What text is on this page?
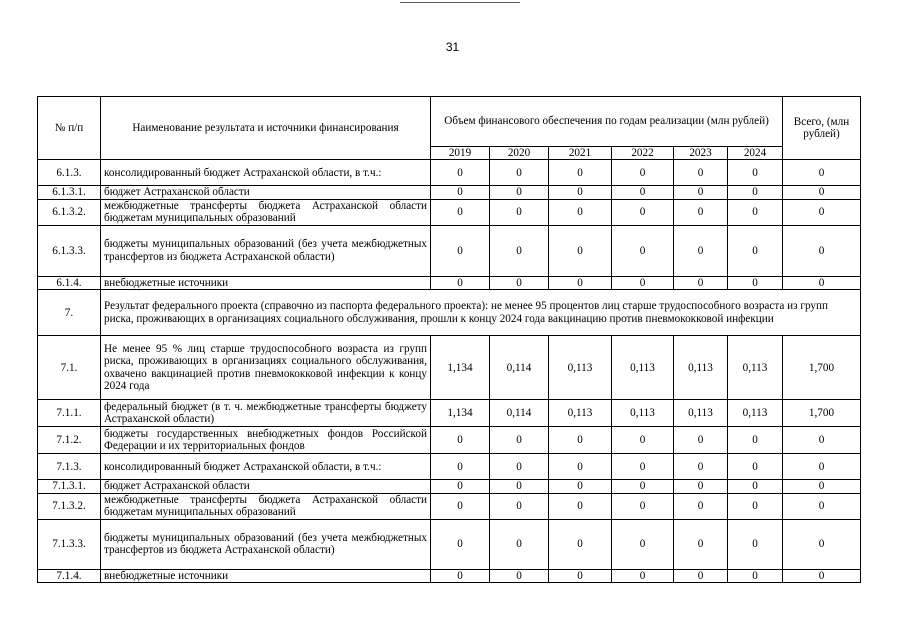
31
№ п/п	Наименование результата и источники финансирования	Объем финансового обеспечения по годам реализации (млн рублей)						Всего, (млн рублей)
		2019	2020	2021	2022	2023	2024	
6.1.3.	консолидированный бюджет Астраханской области, в т.ч.:	0	0	0	0	0	0	0
6.1.3.1.	бюджет Астраханской области	0	0	0	0	0	0	0
6.1.3.2.	межбюджетные трансферты бюджета Астраханской области бюджетам муниципальных образований	0	0	0	0	0	0	0
6.1.3.3.	бюджеты муниципальных образований (без учета межбюджетных трансфертов из бюджета Астраханской области)	0	0	0	0	0	0	0
6.1.4.	внебюджетные источники	0	0	0	0	0	0	0
7.	Результат федерального проекта (справочно из паспорта федерального проекта): не менее 95 процентов лиц старше трудоспособного возраста из групп риска, проживающих в организациях социального обслуживания, прошли к концу 2024 года вакцинацию против пневмококковой инфекции							
7.1.	Не менее 95 % лиц старше трудоспособного возраста из групп риска, проживающих в организациях социального обслуживания, охвачено вакцинацией против пневмококковой инфекции к концу 2024 года	1,134	0,114	0,113	0,113	0,113	0,113	1,700
7.1.1.	федеральный бюджет (в т. ч. межбюджетные трансферты бюджету Астраханской области)	1,134	0,114	0,113	0,113	0,113	0,113	1,700
7.1.2.	бюджеты государственных внебюджетных фондов Российской Федерации и их территориальных фондов	0	0	0	0	0	0	0
7.1.3.	консолидированный бюджет Астраханской области, в т.ч.:	0	0	0	0	0	0	0
7.1.3.1.	бюджет Астраханской области	0	0	0	0	0	0	0
7.1.3.2.	межбюджетные трансферты бюджета Астраханской области бюджетам муниципальных образований	0	0	0	0	0	0	0
7.1.3.3.	бюджеты муниципальных образований (без учета межбюджетных трансфертов из бюджета Астраханской области)	0	0	0	0	0	0	0
7.1.4.	внебюджетные источники	0	0	0	0	0	0	0
